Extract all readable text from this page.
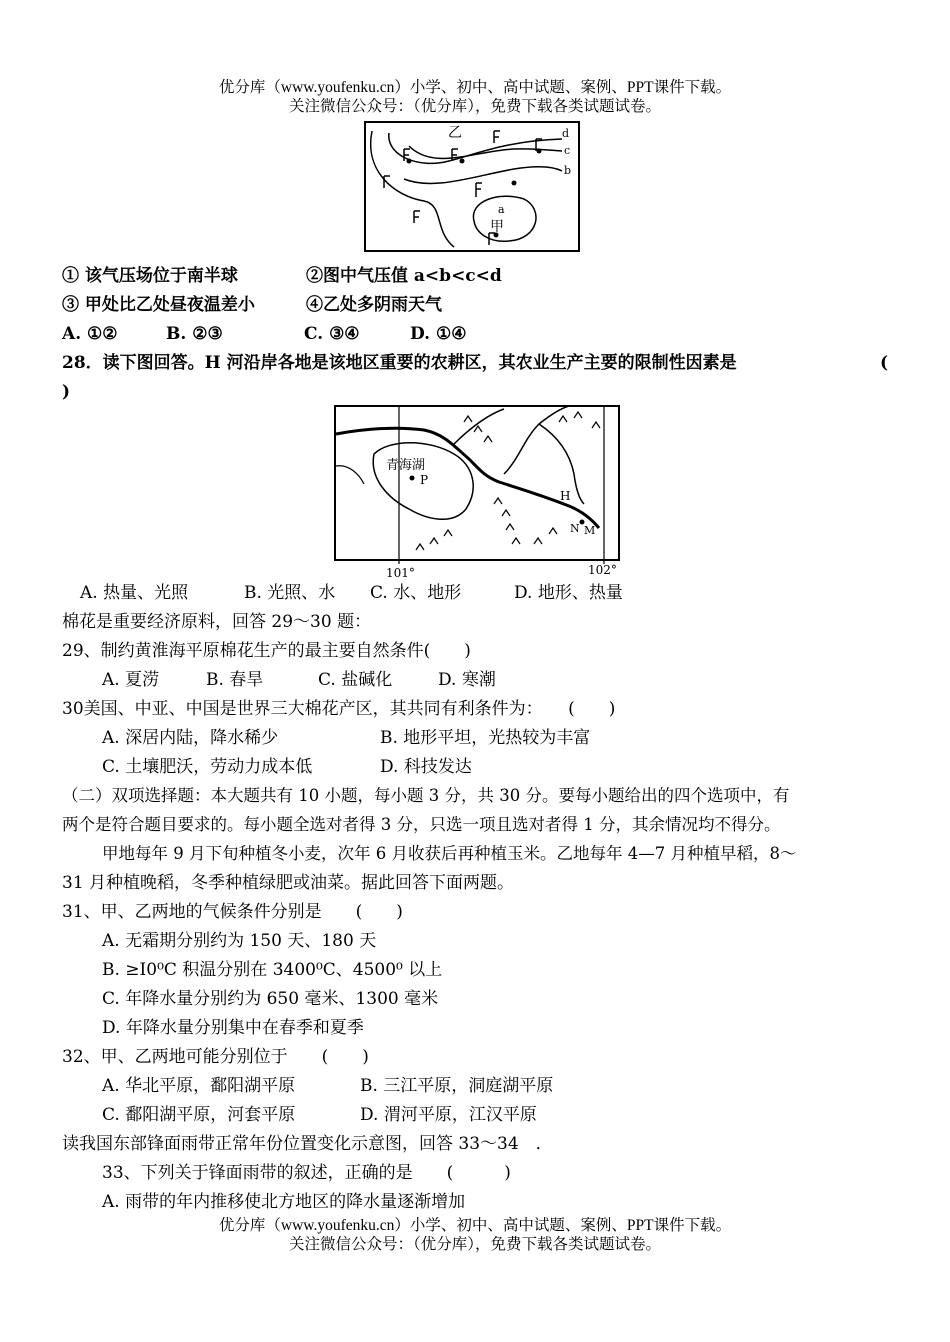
优分库（www.youfenku.cn）小学、初中、高中试题、案例、PPT课件下载。
关注微信公众号：（优分库），免费下载各类试题试卷。
乙
甲
a
b
c
d
① 该气压场位于南半球	②图中气压值 a<b<c<d
③ 甲处比乙处昼夜温差小	④乙处多阴雨天气
A. ①②	B. ②③	C. ③④	D. ①④
28．读下图回答。H 河沿岸各地是该地区重要的农耕区，其农业生产主要的限制性因素是	(
)
青海湖
P
H
N M
101°	102°
A. 热量、光照	B. 光照、水 C. 水、地形	D. 地形、热量
棉花是重要经济原料，回答 29～30 题：
29、制约黄淮海平原棉花生产的最主要自然条件(　　)
A. 夏涝	B. 春旱	C. 盐碱化	D. 寒潮
30美国、中亚、中国是世界三大棉花产区，其共同有利条件为：　　(　　)
A. 深居内陆，降水稀少	B. 地形平坦，光热较为丰富
C. 土壤肥沃，劳动力成本低	D. 科技发达
（二）双项选择题：本大题共有 10 小题，每小题 3 分，共 30 分。要每小题给出的四个选项中，有
两个是符合题目要求的。每小题全选对者得 3 分，只选一项且选对者得 1 分，其余情况均不得分。
甲地每年 9 月下旬种植冬小麦，次年 6 月收获后再种植玉米。乙地每年 4—7 月种植早稻，8～
31 月种植晚稻，冬季种植绿肥或油菜。据此回答下面两题。
31、甲、乙两地的气候条件分别是　　(　　)
A. 无霜期分别约为 150 天、180 天
B. ≥I0⁰C 积温分别在 3400⁰C、4500⁰ 以上
C. 年降水量分别约为 650 毫米、1300 毫米
D. 年降水量分别集中在春季和夏季
32、甲、乙两地可能分别位于　　(　　)
A. 华北平原，鄱阳湖平原	B. 三江平原，洞庭湖平原
C. 鄱阳湖平原，河套平原	D. 渭河平原，江汉平原
读我国东部锋面雨带正常年份位置变化示意图，回答 33～34　．
33、下列关于锋面雨带的叙述，正确的是　　(　　　)
A. 雨带的年内推移使北方地区的降水量逐渐增加
优分库（www.youfenku.cn）小学、初中、高中试题、案例、PPT课件下载。
关注微信公众号：（优分库），免费下载各类试题试卷。
